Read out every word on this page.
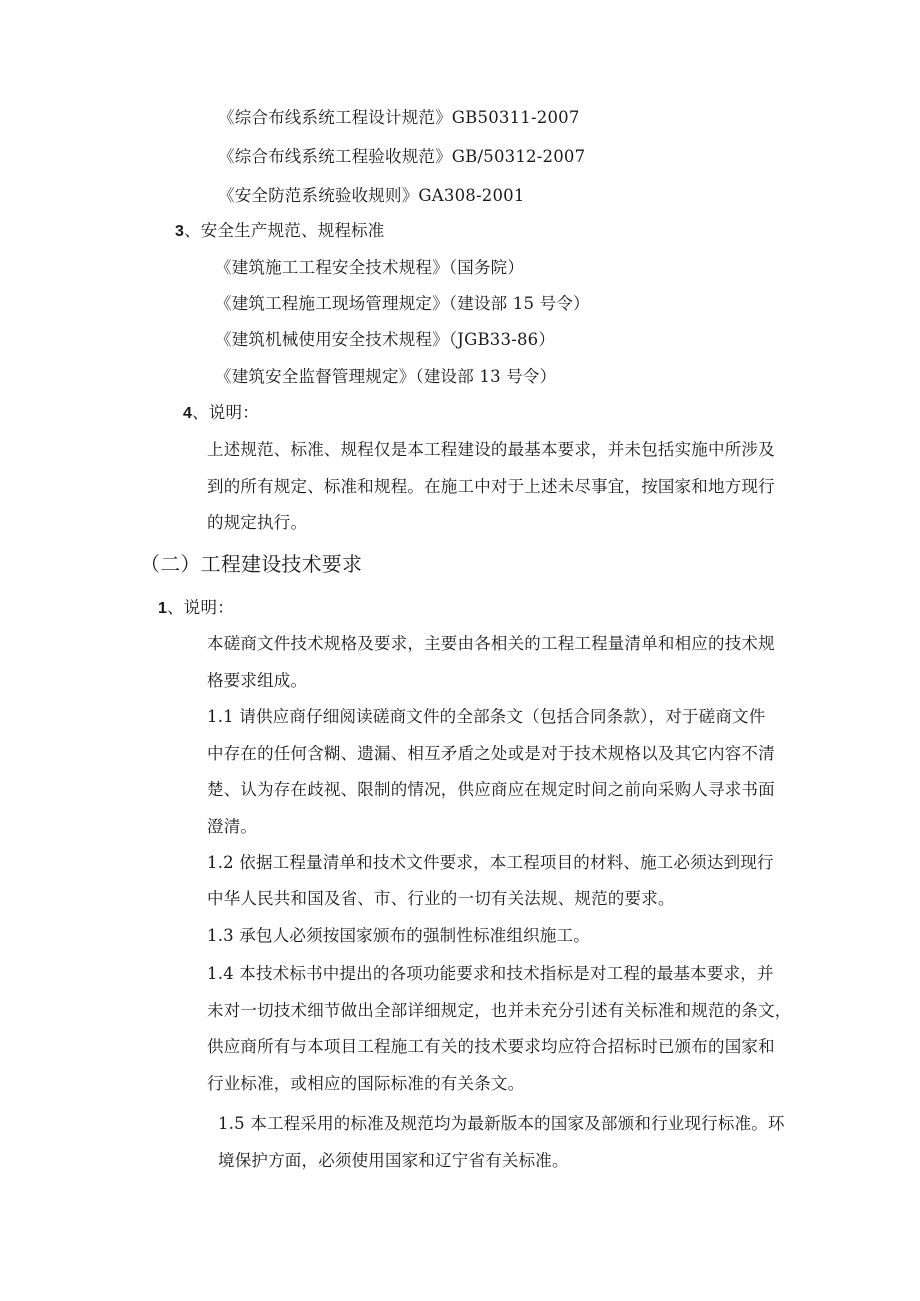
《综合布线系统工程设计规范》GB50311-2007
《综合布线系统工程验收规范》GB/50312-2007
《安全防范系统验收规则》GA308-2001
3、安全生产规范、规程标准
《建筑施工工程安全技术规程》（国务院）
《建筑工程施工现场管理规定》（建设部 15 号令）
《建筑机械使用安全技术规程》（JGB33-86）
《建筑安全监督管理规定》（建设部 13 号令）
4、说明：
上述规范、标准、规程仅是本工程建设的最基本要求，并未包括实施中所涉及
到的所有规定、标准和规程。在施工中对于上述未尽事宜，按国家和地方现行
的规定执行。
（二）工程建设技术要求
1、说明：
本磋商文件技术规格及要求，主要由各相关的工程工程量清单和相应的技术规
格要求组成。
1.1 请供应商仔细阅读磋商文件的全部条文（包括合同条款），对于磋商文件
中存在的任何含糊、遗漏、相互矛盾之处或是对于技术规格以及其它内容不清
楚、认为存在歧视、限制的情况，供应商应在规定时间之前向采购人寻求书面
澄清。
1.2 依据工程量清单和技术文件要求，本工程项目的材料、施工必须达到现行
中华人民共和国及省、市、行业的一切有关法规、规范的要求。
1.3 承包人必须按国家颁布的强制性标准组织施工。
1.4 本技术标书中提出的各项功能要求和技术指标是对工程的最基本要求，并
未对一切技术细节做出全部详细规定，也并未充分引述有关标准和规范的条文，
供应商所有与本项目工程施工有关的技术要求均应符合招标时已颁布的国家和
行业标准，或相应的国际标准的有关条文。
1.5 本工程采用的标准及规范均为最新版本的国家及部颁和行业现行标准。环
境保护方面，必须使用国家和辽宁省有关标准。
